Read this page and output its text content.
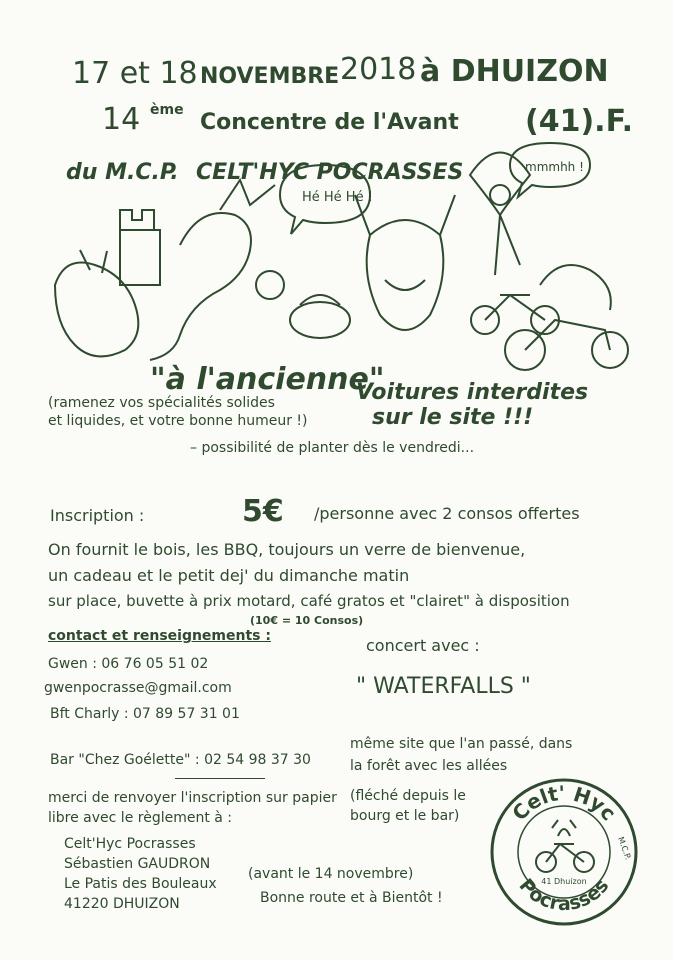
17 et 18 NOVEMBRE 2018 à DHUIZON
14 ème Concentre de l'Avant (41).F.
du M.C.P. CELT'HYC POCRASSES
Hé Hé Hé !
mmmhh !
"à l'ancienne"
(ramenez vos spécialités solides
et liquides, et votre bonne humeur !)
Voitures interdites
sur le site !!!
– possibilité de planter dès le vendredi...
Inscription :	5€ /personne avec 2 consos offertes
On fournit le bois, les BBQ, toujours un verre de bienvenue,
un cadeau et le petit dej' du dimanche matin
sur place, buvette à prix motard, café gratos et "clairet" à disposition
(10€ = 10 Consos)
contact et renseignements :
Gwen : 06 76 05 51 02
gwenpocrasse@gmail.com
Bft Charly : 07 89 57 31 01
Bar "Chez Goélette" : 02 54 98 37 30
concert avec :
" WATERFALLS "
même site que l'an passé, dans
la forêt avec les allées
(fléché depuis le
bourg et le bar)
merci de renvoyer l'inscription sur papier
libre avec le règlement à :
Celt'Hyc Pocrasses
Sébastien GAUDRON
Le Patis des Bouleaux
41220 DHUIZON
(avant le 14 novembre)
Bonne route et à Bientôt !
Celt' Hyc
Pocrasses
41 Dhuizon
M.C.P.
